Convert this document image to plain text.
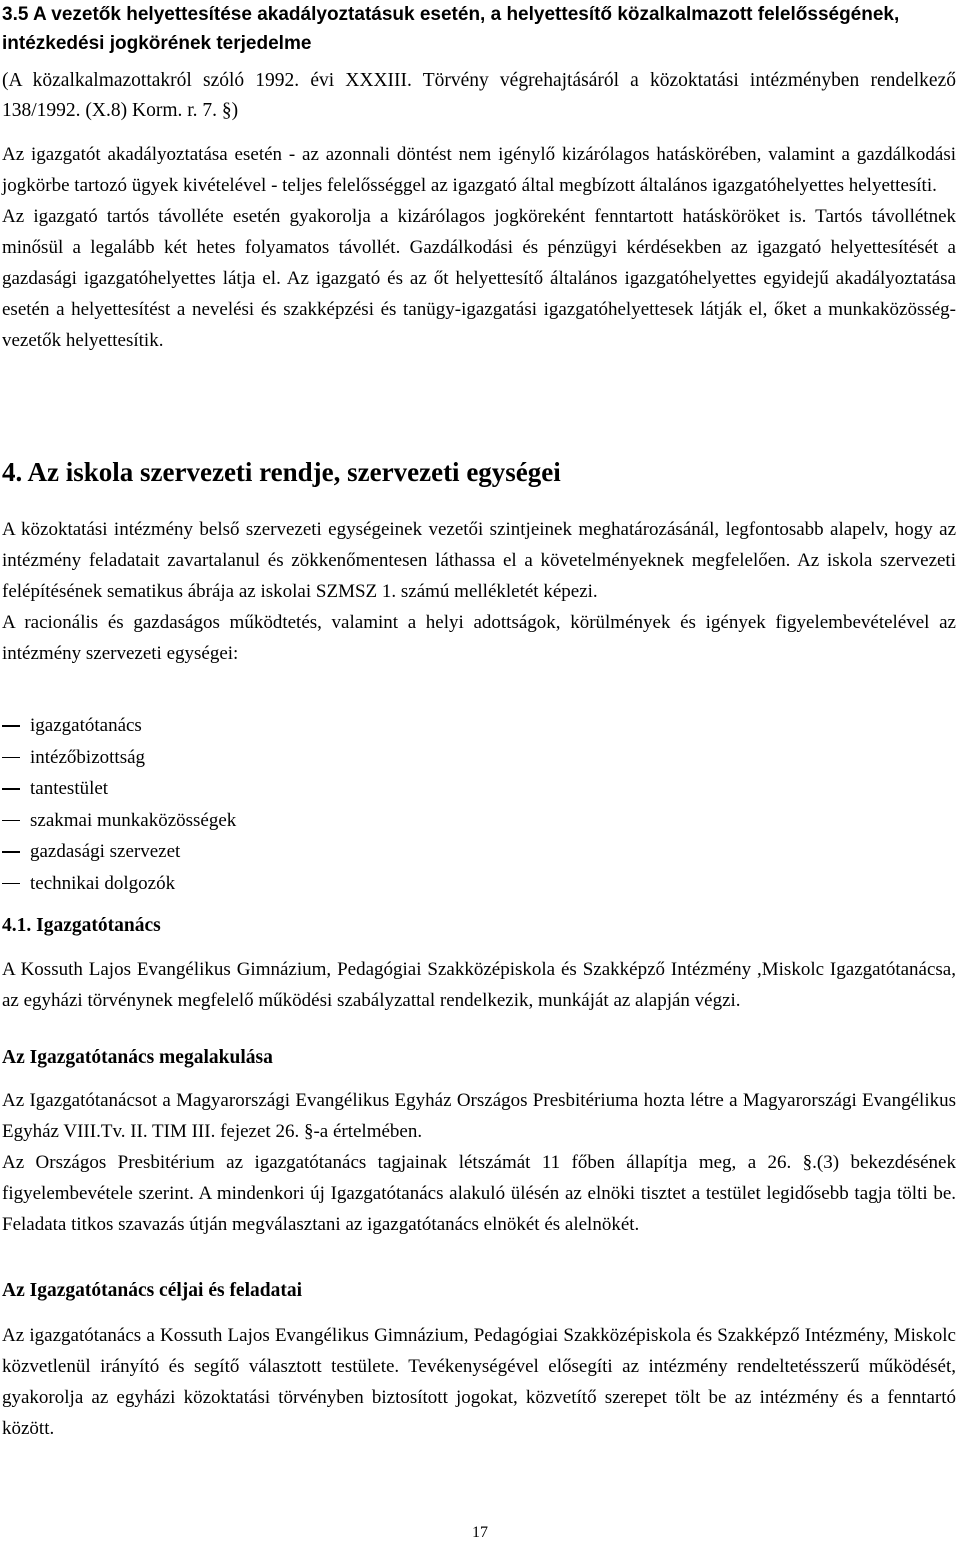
3.5 A vezetők helyettesítése akadályoztatásuk esetén, a helyettesítő közalkalmazott felelősségének, intézkedési jogkörének terjedelme

(A közalkalmazottakról szóló 1992. évi XXXIII. Törvény végrehajtásáról a közoktatási intézményben rendelkező 138/1992. (X.8) Korm. r. 7. §)

Az igazgatót akadályoztatása esetén - az azonnali döntést nem igénylő kizárólagos hatáskörében, valamint a gazdálkodási jogkörbe tartozó ügyek kivételével - teljes felelősséggel az igazgató által megbízott általános igazgatóhelyettes helyettesíti.

Az igazgató tartós távolléte esetén gyakorolja a kizárólagos jogköreként fenntartott hatásköröket is. Tartós távollétnek minősül a legalább két hetes folyamatos távollét. Gazdálkodási és pénzügyi kérdésekben az igazgató helyettesítését a gazdasági igazgatóhelyettes látja el. Az igazgató és az őt helyettesítő általános igazgatóhelyettes egyidejű akadályoztatása esetén a helyettesítést a nevelési és szakképzési és tanügy-igazgatási igazgatóhelyettesek látják el, őket a munkaközösség-vezetők helyettesítik.

4. Az iskola szervezeti rendje, szervezeti egységei

A közoktatási intézmény belső szervezeti egységeinek vezetői szintjeinek meghatározásánál, legfontosabb alapelv, hogy az intézmény feladatait zavartalanul és zökkenőmentesen láthassa el a követelményeknek megfelelően. Az iskola szervezeti felépítésének sematikus ábrája az iskolai SZMSZ 1. számú mellékletét képezi.

A racionális és gazdaságos működtetés, valamint a helyi adottságok, körülmények és igények figyelembevételével az intézmény szervezeti egységei:

igazgatótanács
intézőbizottság
tantestület
szakmai munkaközösségek
gazdasági szervezet
technikai dolgozók
4.1. Igazgatótanács

A Kossuth Lajos Evangélikus Gimnázium, Pedagógiai Szakközépiskola és Szakképző Intézmény ,Miskolc Igazgatótanácsa, az egyházi törvénynek megfelelő működési szabályzattal rendelkezik, munkáját az alapján végzi.

Az Igazgatótanács megalakulása

Az Igazgatótanácsot a Magyarországi Evangélikus Egyház Országos Presbitériuma hozta létre a Magyarországi Evangélikus Egyház VIII.Tv. II. TIM III. fejezet 26. §-a értelmében.

Az Országos Presbitérium az igazgatótanács tagjainak létszámát 11 főben állapítja meg, a 26. §.(3) bekezdésének figyelembevétele szerint. A mindenkori új Igazgatótanács alakuló ülésén az elnöki tisztet a testület legidősebb tagja tölti be. Feladata titkos szavazás útján megválasztani az igazgatótanács elnökét és alelnökét.

Az Igazgatótanács céljai és feladatai

Az igazgatótanács a Kossuth Lajos Evangélikus Gimnázium, Pedagógiai Szakközépiskola és Szakképző Intézmény, Miskolc közvetlenül irányító és segítő választott testülete. Tevékenységével elősegíti az intézmény rendeltetésszerű működését, gyakorolja az egyházi közoktatási törvényben biztosított jogokat, közvetítő szerepet tölt be az intézmény és a fenntartó között.

17
